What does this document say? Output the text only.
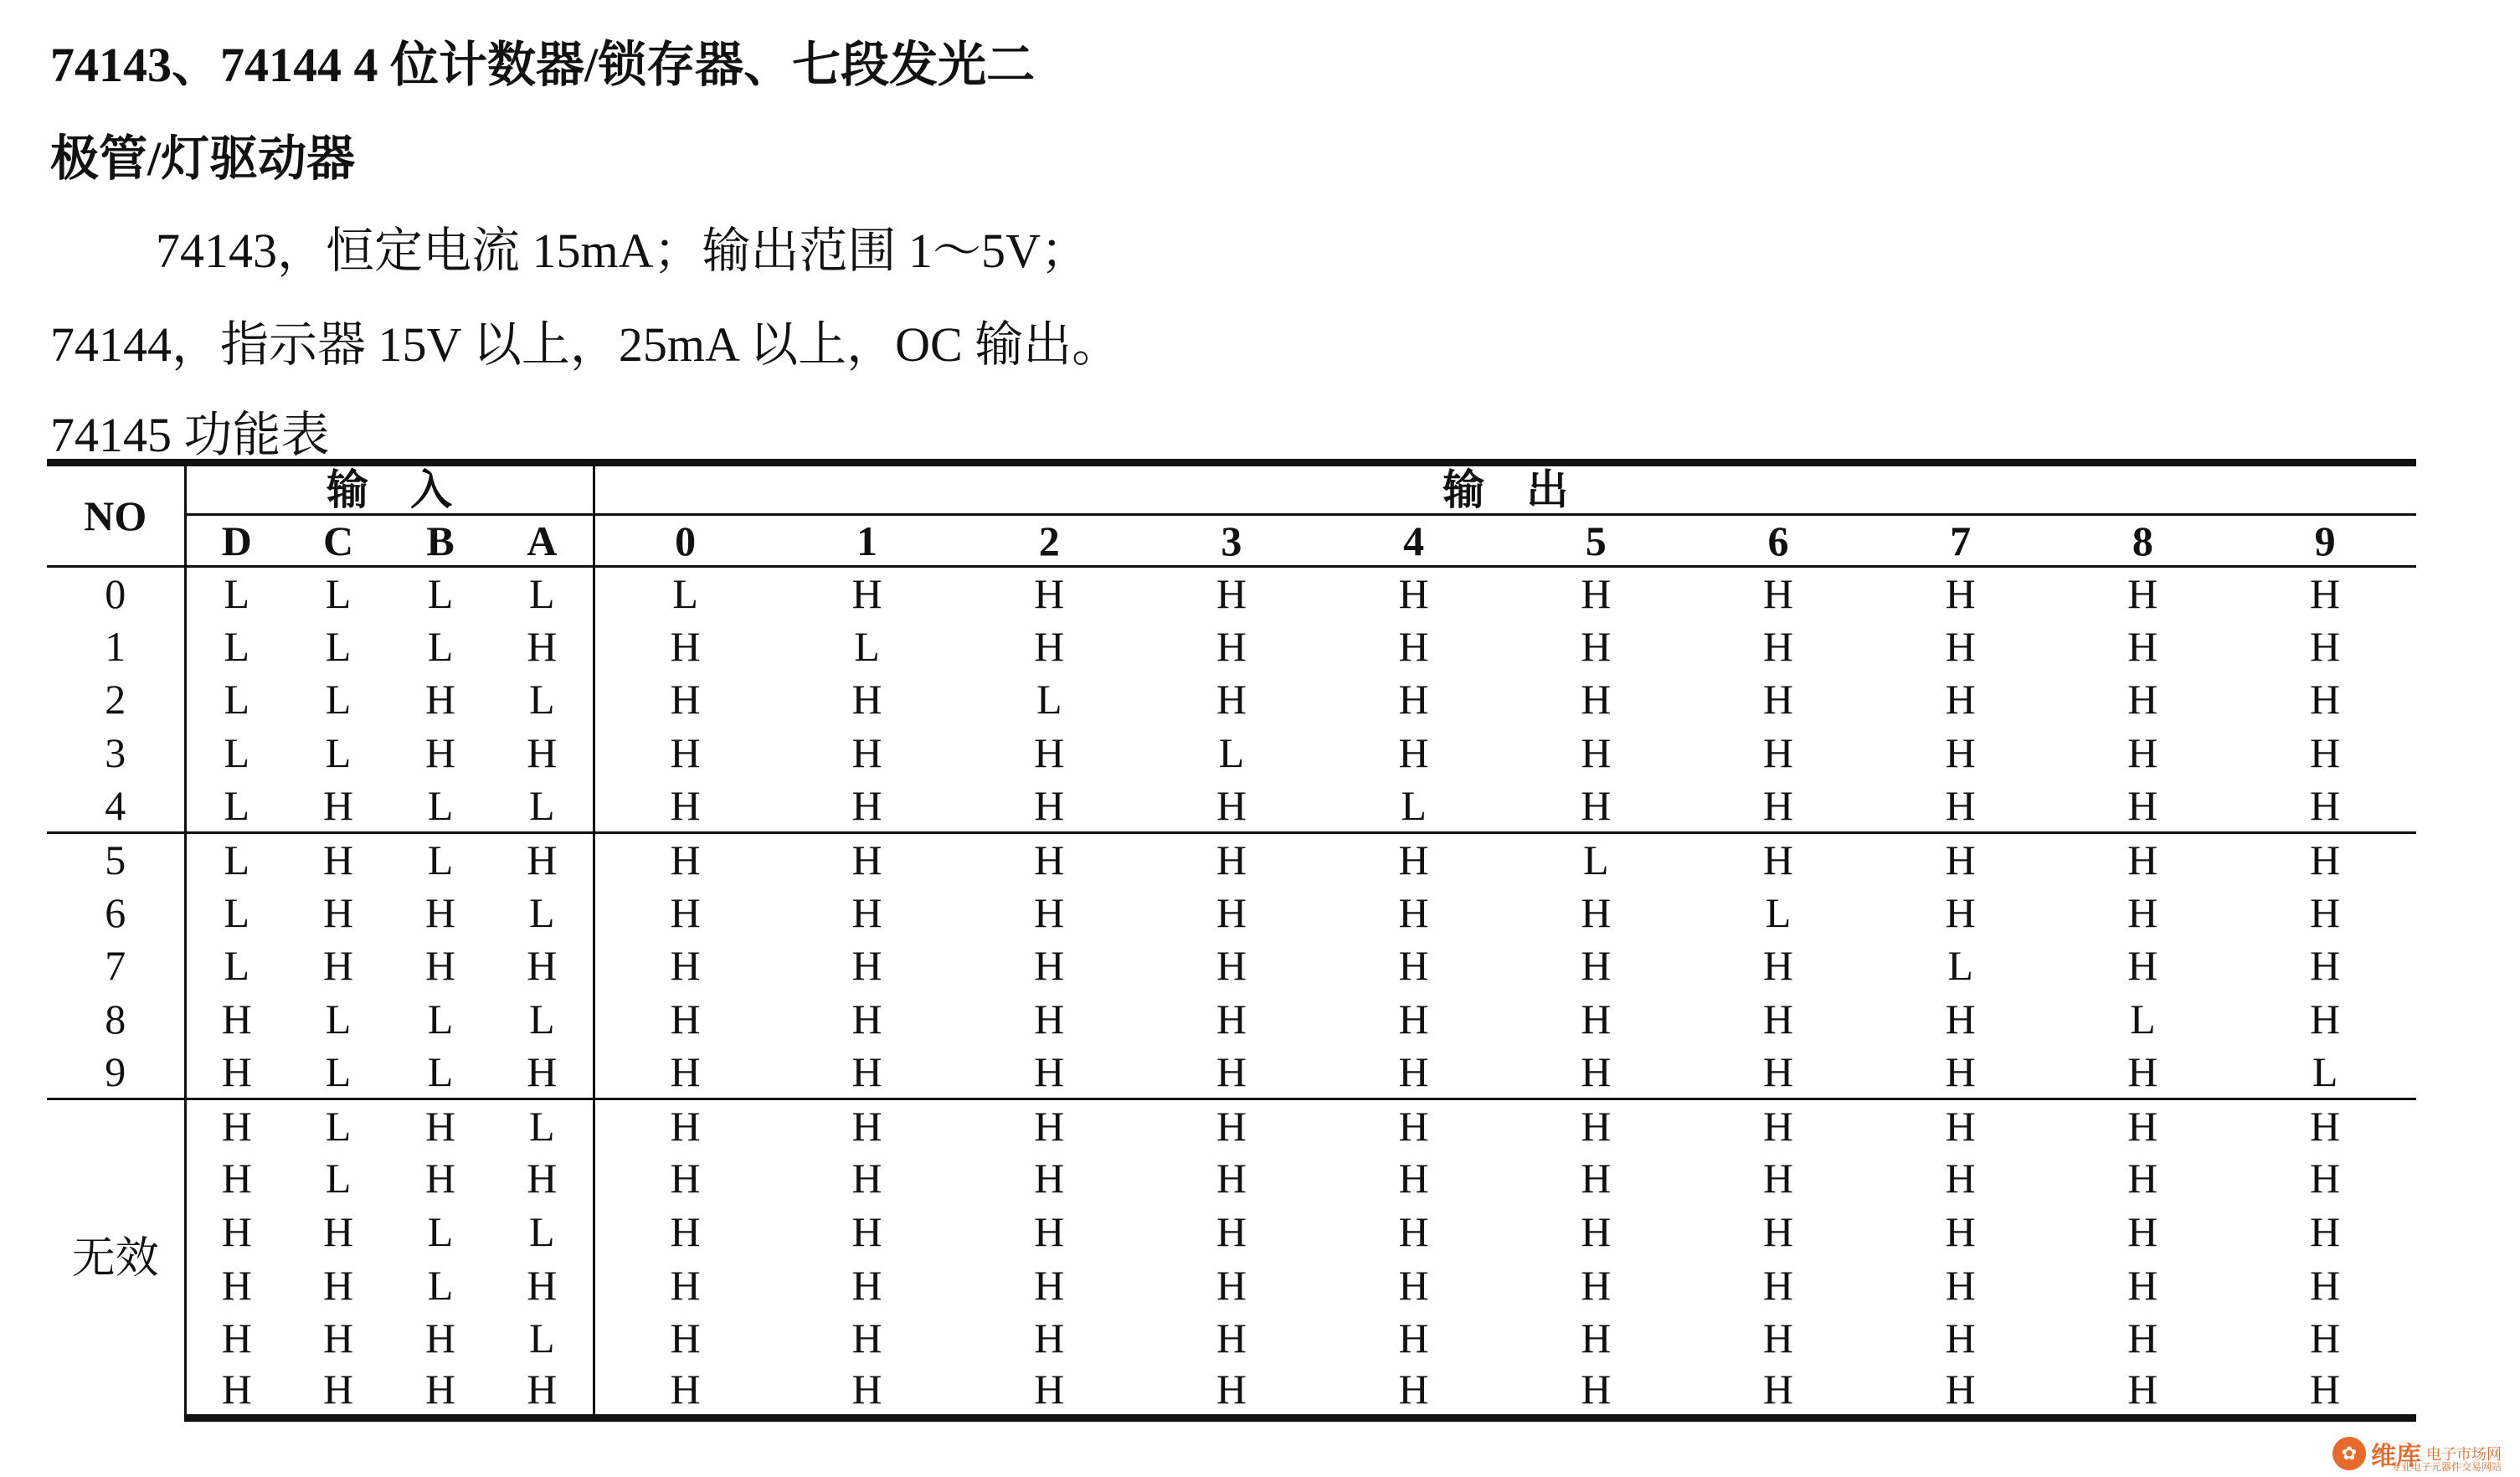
74143、74144 4 位计数器/锁存器、七段发光二
极管/灯驱动器
74143，恒定电流 15mA；输出范围 1～5V；
74144，指示器 15V 以上，25mA 以上，OC 输出。
74145 功能表
NO	输　入				输　出									
	D	C	B	A	0	1	2	3	4	5	6	7	8	9
0	L	L	L	L	L	H	H	H	H	H	H	H	H	H
1	L	L	L	H	H	L	H	H	H	H	H	H	H	H
2	L	L	H	L	H	H	L	H	H	H	H	H	H	H
3	L	L	H	H	H	H	H	L	H	H	H	H	H	H
4	L	H	L	L	H	H	H	H	L	H	H	H	H	H
5	L	H	L	H	H	H	H	H	H	L	H	H	H	H
6	L	H	H	L	H	H	H	H	H	H	L	H	H	H
7	L	H	H	H	H	H	H	H	H	H	H	L	H	H
8	H	L	L	L	H	H	H	H	H	H	H	H	L	H
9	H	L	L	H	H	H	H	H	H	H	H	H	H	L
无效	H	L	H	L	H	H	H	H	H	H	H	H	H	H
	H	L	H	H	H	H	H	H	H	H	H	H	H	H
	H	H	L	L	H	H	H	H	H	H	H	H	H	H
	H	H	L	H	H	H	H	H	H	H	H	H	H	H
	H	H	H	L	H	H	H	H	H	H	H	H	H	H
	H	H	H	H	H	H	H	H	H	H	H	H	H	H
✿ 维库 电子市场网
专业电子元器件交易网站
